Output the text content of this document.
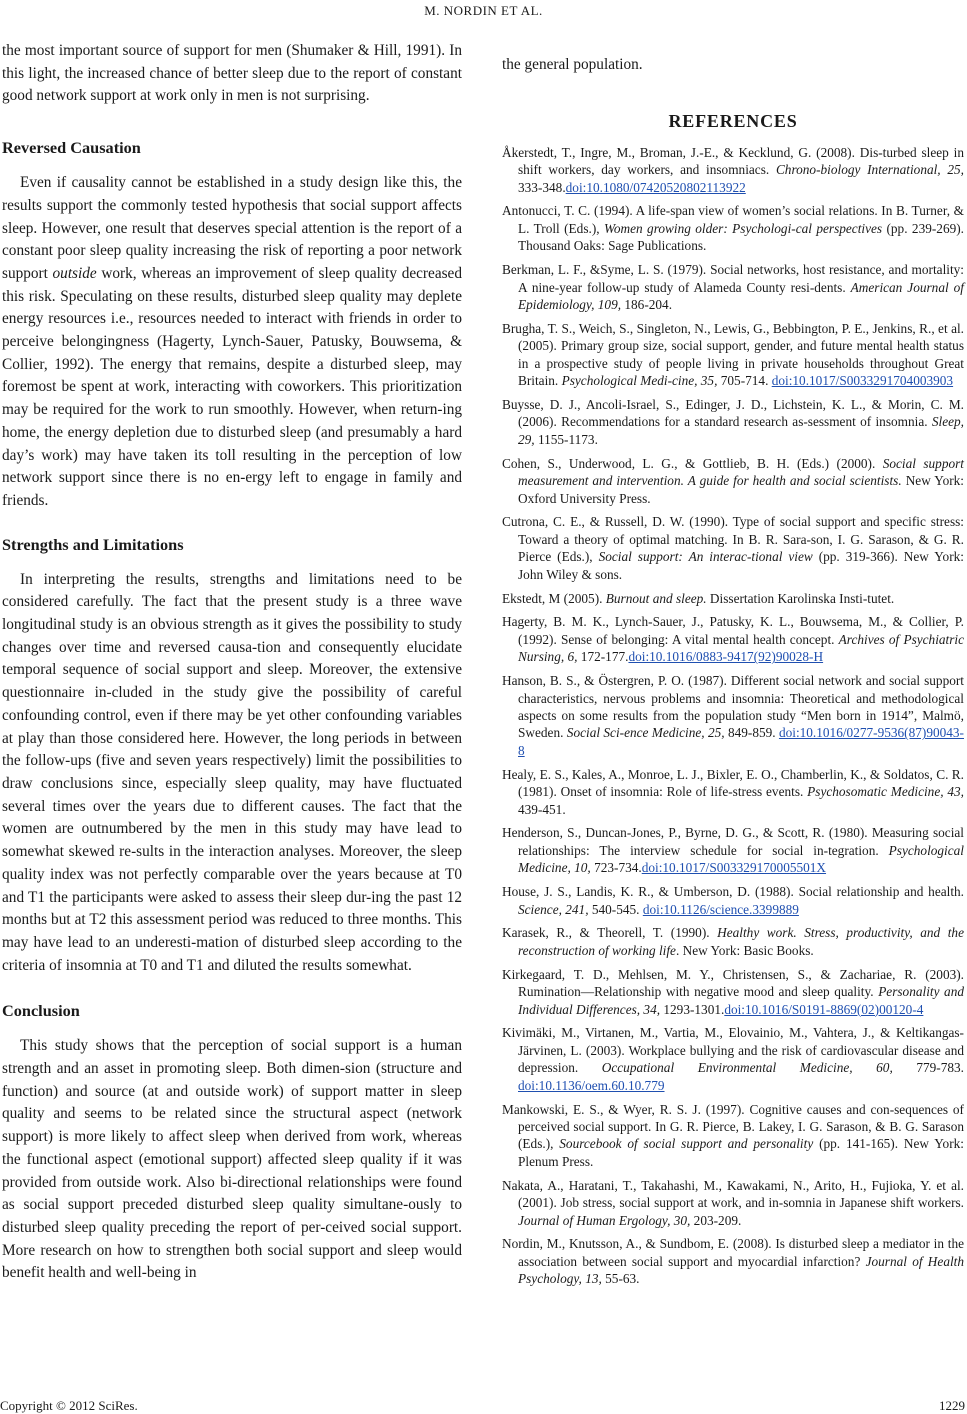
M. NORDIN ET AL.

the most important source of support for men (Shumaker & Hill, 1991). In this light, the increased chance of better sleep due to the report of constant good network support at work only in men is not surprising.

Reversed Causation

Even if causality cannot be established in a study design like this, the results support the commonly tested hypothesis that social support affects sleep. However, one result that deserves special attention is the report of a constant poor sleep quality increasing the risk of reporting a poor network support outside work, whereas an improvement of sleep quality decreased this risk. Speculating on these results, disturbed sleep quality may deplete energy resources i.e., resources needed to interact with friends in order to perceive belongingness (Hagerty, Lynch-Sauer, Patusky, Bouwsema, & Collier, 1992). The energy that remains, despite a disturbed sleep, may foremost be spent at work, interacting with coworkers. This prioritization may be required for the work to run smoothly. However, when return-ing home, the energy depletion due to disturbed sleep (and presumably a hard day’s work) may have taken its toll resulting in the perception of low network support since there is no en-ergy left to engage in family and friends.

Strengths and Limitations

In interpreting the results, strengths and limitations need to be considered carefully. The fact that the present study is a three wave longitudinal study is an obvious strength as it gives the possibility to study changes over time and reversed causa-tion and consequently elucidate temporal sequence of social support and sleep. Moreover, the extensive questionnaire in-cluded in the study give the possibility of careful confounding control, even if there may be yet other confounding variables at play than those considered here. However, the long periods in between the follow-ups (five and seven years respectively) limit the possibilities to draw conclusions since, especially sleep quality, may have fluctuated several times over the years due to different causes. The fact that the women are outnumbered by the men in this study may have lead to somewhat skewed re-sults in the interaction analyses. Moreover, the sleep quality index was not perfectly comparable over the years because at T0 and T1 the participants were asked to assess their sleep dur-ing the past 12 months but at T2 this assessment period was reduced to three months. This may have lead to an underesti-mation of disturbed sleep according to the criteria of insomnia at T0 and T1 and diluted the results somewhat.

Conclusion

This study shows that the perception of social support is a human strength and an asset in promoting sleep. Both dimen-sion (structure and function) and source (at and outside work) of support matter in sleep quality and seems to be related since the structural aspect (network support) is more likely to affect sleep when derived from work, whereas the functional aspect (emotional support) affected sleep quality if it was provided from outside work. Also bi-directional relationships were found as social support preceded disturbed sleep quality simultane-ously to disturbed sleep quality preceding the report of per-ceived social support. More research on how to strengthen both social support and sleep would benefit health and well-being in

the general population.

REFERENCES

Åkerstedt, T., Ingre, M., Broman, J.-E., & Kecklund, G. (2008). Dis-turbed sleep in shift workers, day workers, and insomniacs. Chrono-biology International, 25, 333-348.doi:10.1080/07420520802113922

Antonucci, T. C. (1994). A life-span view of women’s social relations. In B. Turner, & L. Troll (Eds.), Women growing older: Psychologi-cal perspectives (pp. 239-269). Thousand Oaks: Sage Publications.

Berkman, L. F., &Syme, L. S. (1979). Social networks, host resistance, and mortality: A nine-year follow-up study of Alameda County resi-dents. American Journal of Epidemiology, 109, 186-204.

Brugha, T. S., Weich, S., Singleton, N., Lewis, G., Bebbington, P. E., Jenkins, R., et al. (2005). Primary group size, social support, gender, and future mental health status in a prospective study of people living in private households throughout Great Britain. Psychological Medi-cine, 35, 705-714. doi:10.1017/S0033291704003903

Buysse, D. J., Ancoli-Israel, S., Edinger, J. D., Lichstein, K. L., & Morin, C. M. (2006). Recommendations for a standard research as-sessment of insomnia. Sleep, 29, 1155-1173.

Cohen, S., Underwood, L. G., & Gottlieb, B. H. (Eds.) (2000). Social support measurement and intervention. A guide for health and social scientists. New York: Oxford University Press.

Cutrona, C. E., & Russell, D. W. (1990). Type of social support and specific stress: Toward a theory of optimal matching. In B. R. Sara-son, I. G. Sarason, & G. R. Pierce (Eds.), Social support: An interac-tional view (pp. 319-366). New York: John Wiley & sons.

Ekstedt, M (2005). Burnout and sleep. Dissertation Karolinska Insti-tutet.

Hagerty, B. M. K., Lynch-Sauer, J., Patusky, K. L., Bouwsema, M., & Collier, P. (1992). Sense of belonging: A vital mental health concept. Archives of Psychiatric Nursing, 6, 172-177.doi:10.1016/0883-9417(92)90028-H

Hanson, B. S., & Östergren, P. O. (1987). Different social network and social support characteristics, nervous problems and insomnia: Theoretical and methodological aspects on some results from the population study “Men born in 1914”, Malmö, Sweden. Social Sci-ence Medicine, 25, 849-859. doi:10.1016/0277-9536(87)90043-8

Healy, E. S., Kales, A., Monroe, L. J., Bixler, E. O., Chamberlin, K., & Soldatos, C. R. (1981). Onset of insomnia: Role of life-stress events. Psychosomatic Medicine, 43, 439-451.

Henderson, S., Duncan-Jones, P., Byrne, D. G., & Scott, R. (1980). Measuring social relationships: The interview schedule for social in-tegration. Psychological Medicine, 10, 723-734.doi:10.1017/S003329170005501X

House, J. S., Landis, K. R., & Umberson, D. (1988). Social relationship and health. Science, 241, 540-545. doi:10.1126/science.3399889

Karasek, R., & Theorell, T. (1990). Healthy work. Stress, productivity, and the reconstruction of working life. New York: Basic Books.

Kirkegaard, T. D., Mehlsen, M. Y., Christensen, S., & Zachariae, R. (2003). Rumination—Relationship with negative mood and sleep quality. Personality and Individual Differences, 34, 1293-1301.doi:10.1016/S0191-8869(02)00120-4

Kivimäki, M., Virtanen, M., Vartia, M., Elovainio, M., Vahtera, J., & Keltikangas-Järvinen, L. (2003). Workplace bullying and the risk of cardiovascular disease and depression. Occupational Environmental Medicine, 60, 779-783. doi:10.1136/oem.60.10.779

Mankowski, E. S., & Wyer, R. S. J. (1997). Cognitive causes and con-sequences of perceived social support. In G. R. Pierce, B. Lakey, I. G. Sarason, & B. G. Sarason (Eds.), Sourcebook of social support and personality (pp. 141-165). New York: Plenum Press.

Nakata, A., Haratani, T., Takahashi, M., Kawakami, N., Arito, H., Fujioka, Y. et al. (2001). Job stress, social support at work, and in-somnia in Japanese shift workers. Journal of Human Ergology, 30, 203-209.

Nordin, M., Knutsson, A., & Sundbom, E. (2008). Is disturbed sleep a mediator in the association between social support and myocardial infarction? Journal of Health Psychology, 13, 55-63.

Copyright © 2012 SciRes.	1229
